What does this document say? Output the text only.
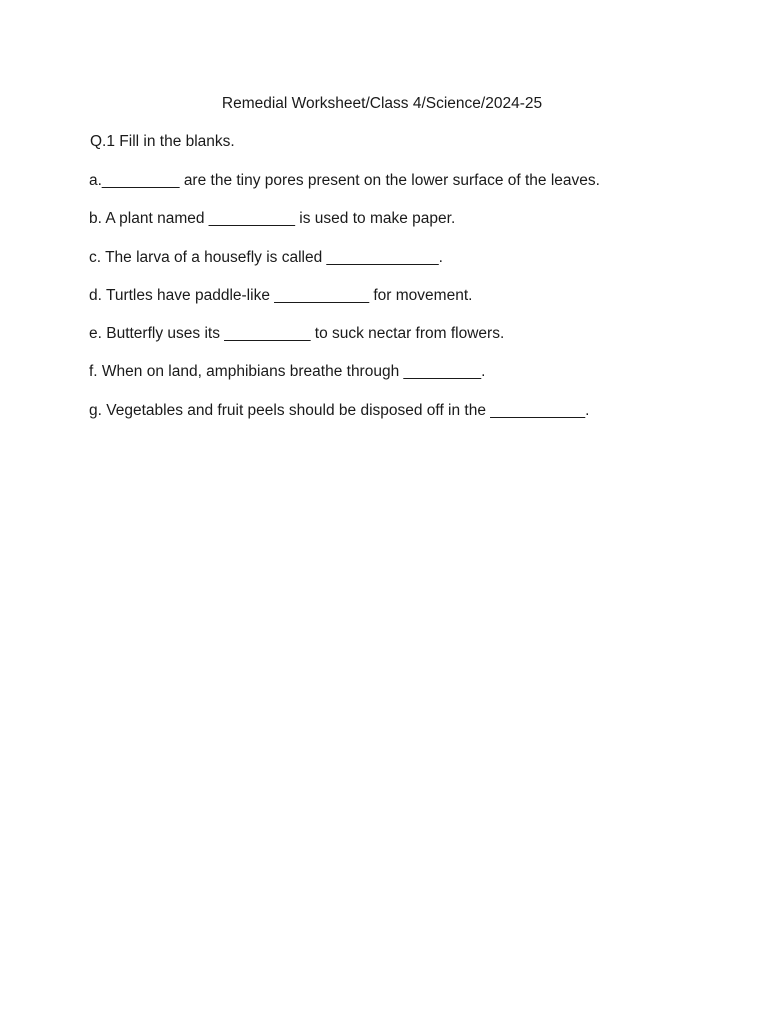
Remedial Worksheet/Class 4/Science/2024-25
Q.1 Fill in the blanks.
a._________ are the tiny pores present on the lower surface of the leaves.
b. A plant named __________ is used to make paper.
c. The larva of a housefly is called _____________.
d. Turtles have paddle-like ___________ for movement.
e. Butterfly uses its __________ to suck nectar from flowers.
f. When on land, amphibians breathe through _________.
g. Vegetables and fruit peels should be disposed off in the ___________.
